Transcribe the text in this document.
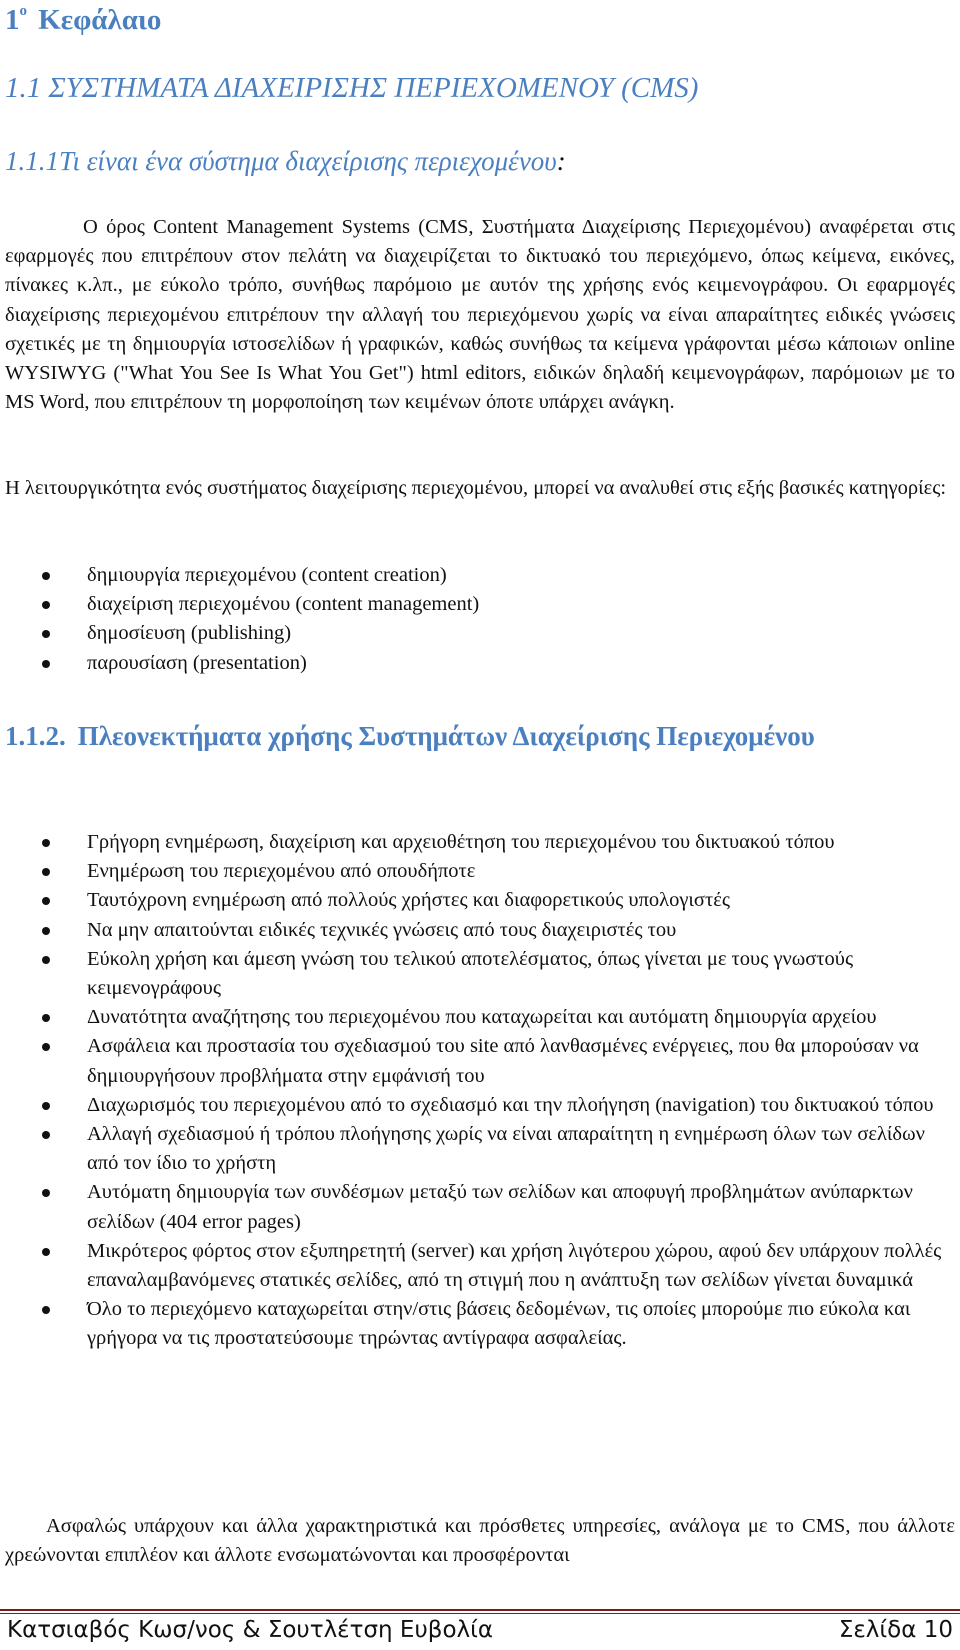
$1^o$ Κεφάλαιο
1.1 ΣΥΣΤΗΜΑΤΑ ΔΙΑΧΕΙΡΙΣΗΣ ΠΕΡΙΕΧΟΜΕΝΟΥ (CMS)
1.1.1Τι είναι ένα σύστημα διαχείρισης περιεχομένου:
Ο όρος Content Management Systems (CMS, Συστήματα Διαχείρισης Περιεχομένου) αναφέρεται στις εφαρμογές που επιτρέπουν στον πελάτη να διαχειρίζεται το δικτυακό του περιεχόμενο, όπως κείμενα, εικόνες, πίνακες κ.λπ., με εύκολο τρόπο, συνήθως παρόμοιο με αυτόν της χρήσης ενός κειμενογράφου. Οι εφαρμογές διαχείρισης περιεχομένου επιτρέπουν την αλλαγή του περιεχόμενου χωρίς να είναι απαραίτητες ειδικές γνώσεις σχετικές με τη δημιουργία ιστοσελίδων ή γραφικών, καθώς συνήθως τα κείμενα γράφονται μέσω κάποιων online WYSIWYG ("What You See Is What You Get") html editors, ειδικών δηλαδή κειμενογράφων, παρόμοιων με το MS Word, που επιτρέπουν τη μορφοποίηση των κειμένων όποτε υπάρχει ανάγκη.
Η λειτουργικότητα ενός συστήματος διαχείρισης περιεχομένου, μπορεί να αναλυθεί στις εξής βασικές κατηγορίες:
δημιουργία περιεχομένου (content creation)
διαχείριση περιεχομένου (content management)
δημοσίευση (publishing)
παρουσίαση (presentation)
1.1.2. Πλεονεκτήματα χρήσης Συστημάτων Διαχείρισης Περιεχομένου
Γρήγορη ενημέρωση, διαχείριση και αρχειοθέτηση του περιεχομένου του δικτυακού τόπου
Ενημέρωση του περιεχομένου από οπουδήποτε
Ταυτόχρονη ενημέρωση από πολλούς χρήστες και διαφορετικούς υπολογιστές
Να μην απαιτούνται ειδικές τεχνικές γνώσεις από τους διαχειριστές του
Εύκολη χρήση και άμεση γνώση του τελικού αποτελέσματος, όπως γίνεται με τους γνωστούς κειμενογράφους
Δυνατότητα αναζήτησης του περιεχομένου που καταχωρείται και αυτόματη δημιουργία αρχείου
Ασφάλεια και προστασία του σχεδιασμού του site από λανθασμένες ενέργειες, που θα μπορούσαν να δημιουργήσουν προβλήματα στην εμφάνισή του
Διαχωρισμός του περιεχομένου από το σχεδιασμό και την πλοήγηση (navigation) του δικτυακού τόπου
Αλλαγή σχεδιασμού ή τρόπου πλοήγησης χωρίς να είναι απαραίτητη η ενημέρωση όλων των σελίδων από τον ίδιο το χρήστη
Αυτόματη δημιουργία των συνδέσμων μεταξύ των σελίδων και αποφυγή προβλημάτων ανύπαρκτων σελίδων (404 error pages)
Μικρότερος φόρτος στον εξυπηρετητή (server) και χρήση λιγότερου χώρου, αφού δεν υπάρχουν πολλές επαναλαμβανόμενες στατικές σελίδες, από τη στιγμή που η ανάπτυξη των σελίδων γίνεται δυναμικά
Όλο το περιεχόμενο καταχωρείται στην/στις βάσεις δεδομένων, τις οποίες μπορούμε πιο εύκολα και γρήγορα να τις προστατεύσουμε τηρώντας αντίγραφα ασφαλείας.
Ασφαλώς υπάρχουν και άλλα χαρακτηριστικά και πρόσθετες υπηρεσίες, ανάλογα με το CMS, που άλλοτε χρεώνονται επιπλέον και άλλοτε ενσωματώνονται και προσφέρονται
Κατσιαβός Κωσ/νος & Σουτλέτση Ευβολία	Σελίδα 10
